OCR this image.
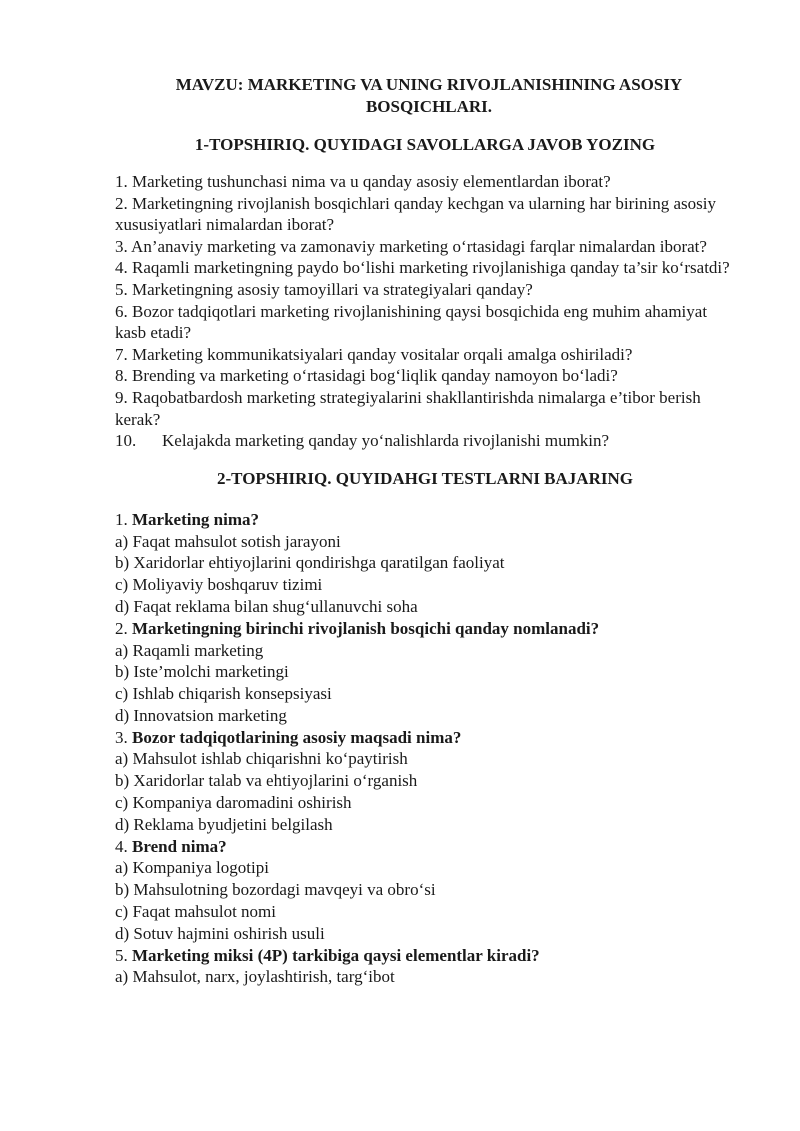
MAVZU: MARKETING VA UNING RIVOJLANISHINING ASOSIY BOSQICHLARI.

1-TOPSHIRIQ. QUYIDAGI SAVOLLARGA JAVOB YOZING

1. Marketing tushunchasi nima va u qanday asosiy elementlardan iborat?

2. Marketingning rivojlanish bosqichlari qanday kechgan va ularning har birining asosiy xususiyatlari nimalardan iborat?

3. An’anaviy marketing va zamonaviy marketing o‘rtasidagi farqlar nimalardan iborat?

4. Raqamli marketingning paydo bo‘lishi marketing rivojlanishiga qanday ta’sir ko‘rsatdi?

5. Marketingning asosiy tamoyillari va strategiyalari qanday?

6. Bozor tadqiqotlari marketing rivojlanishining qaysi bosqichida eng muhim ahamiyat kasb etadi?

7. Marketing kommunikatsiyalari qanday vositalar orqali amalga oshiriladi?

8. Brending va marketing o‘rtasidagi bog‘liqlik qanday namoyon bo‘ladi?

9. Raqobatbardosh marketing strategiyalarini shakllantirishda nimalarga e’tibor berish kerak?

10.	Kelajakda marketing qanday yo‘nalishlarda rivojlanishi mumkin?

2-TOPSHIRIQ. QUYIDAHGI TESTLARNI BAJARING

1. Marketing nima?

a) Faqat mahsulot sotish jarayoni

b) Xaridorlar ehtiyojlarini qondirishga qaratilgan faoliyat

c) Moliyaviy boshqaruv tizimi

d) Faqat reklama bilan shug‘ullanuvchi soha

2. Marketingning birinchi rivojlanish bosqichi qanday nomlanadi?

a) Raqamli marketing

b) Iste’molchi marketingi

c) Ishlab chiqarish konsepsiyasi

d) Innovatsion marketing

3. Bozor tadqiqotlarining asosiy maqsadi nima?

a) Mahsulot ishlab chiqarishni ko‘paytirish

b) Xaridorlar talab va ehtiyojlarini o‘rganish

c) Kompaniya daromadini oshirish

d) Reklama byudjetini belgilash

4. Brend nima?

a) Kompaniya logotipi

b) Mahsulotning bozordagi mavqeyi va obro‘si

c) Faqat mahsulot nomi

d) Sotuv hajmini oshirish usuli

5. Marketing miksi (4P) tarkibiga qaysi elementlar kiradi?

a) Mahsulot, narx, joylashtirish, targ‘ibot
